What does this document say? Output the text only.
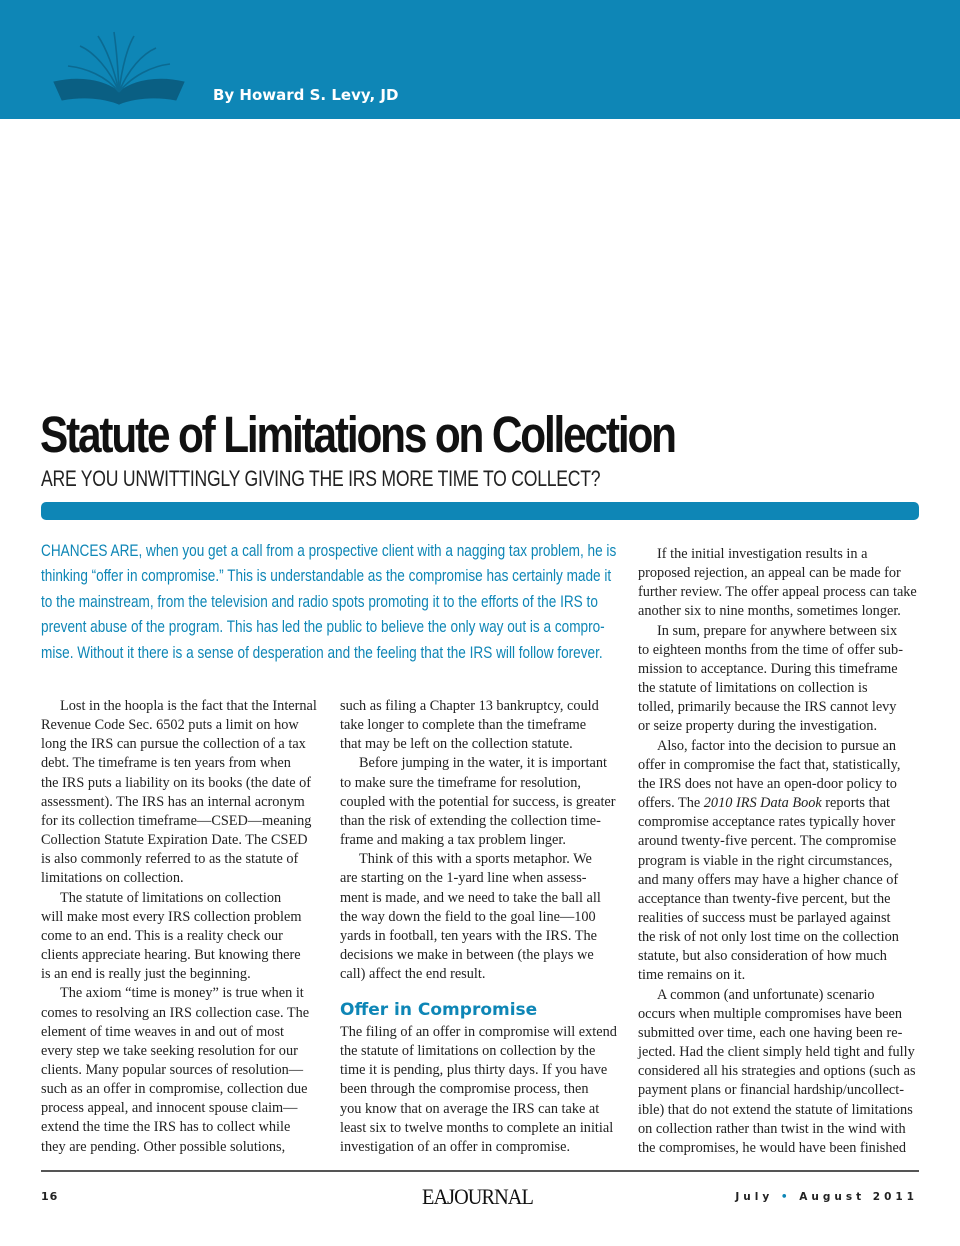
By Howard S. Levy, JD
Statute of Limitations on Collection
ARE YOU UNWITTINGLY GIVING THE IRS MORE TIME TO COLLECT?
CHANCES ARE, when you get a call from a prospective client with a nagging tax problem, he is
thinking “offer in compromise.” This is understandable as the compromise has certainly made it
to the mainstream, from the television and radio spots promoting it to the efforts of the IRS to
prevent abuse of the program. This has led the public to believe the only way out is a compro-
mise. Without it there is a sense of desperation and the feeling that the IRS will follow forever.
Lost in the hoopla is the fact that the Internal
Revenue Code Sec. 6502 puts a limit on how
long the IRS can pursue the collection of a tax
debt. The timeframe is ten years from when
the IRS puts a liability on its books (the date of
assessment). The IRS has an internal acronym
for its collection timeframe—CSED—meaning
Collection Statute Expiration Date. The CSED
is also commonly referred to as the statute of
limitations on collection.
The statute of limitations on collection
will make most every IRS collection problem
come to an end. This is a reality check our
clients appreciate hearing. But knowing there
is an end is really just the beginning.
The axiom “time is money” is true when it
comes to resolving an IRS collection case. The
element of time weaves in and out of most
every step we take seeking resolution for our
clients. Many popular sources of resolution—
such as an offer in compromise, collection due
process appeal, and innocent spouse claim—
extend the time the IRS has to collect while
they are pending. Other possible solutions,
such as filing a Chapter 13 bankruptcy, could
take longer to complete than the timeframe
that may be left on the collection statute.
Before jumping in the water, it is important
to make sure the timeframe for resolution,
coupled with the potential for success, is greater
than the risk of extending the collection time-
frame and making a tax problem linger.
Think of this with a sports metaphor. We
are starting on the 1-yard line when assess-
ment is made, and we need to take the ball all
the way down the field to the goal line—100
yards in football, ten years with the IRS. The
decisions we make in between (the plays we
call) affect the end result.
Offer in Compromise
The filing of an offer in compromise will extend
the statute of limitations on collection by the
time it is pending, plus thirty days. If you have
been through the compromise process, then
you know that on average the IRS can take at
least six to twelve months to complete an initial
investigation of an offer in compromise.
If the initial investigation results in a
proposed rejection, an appeal can be made for
further review. The offer appeal process can take
another six to nine months, sometimes longer.
In sum, prepare for anywhere between six
to eighteen months from the time of offer sub-
mission to acceptance. During this timeframe
the statute of limitations on collection is
tolled, primarily because the IRS cannot levy
or seize property during the investigation.
Also, factor into the decision to pursue an
offer in compromise the fact that, statistically,
the IRS does not have an open-door policy to
offers. The 2010 IRS Data Book reports that
compromise acceptance rates typically hover
around twenty-five percent. The compromise
program is viable in the right circumstances,
and many offers may have a higher chance of
acceptance than twenty-five percent, but the
realities of success must be parlayed against
the risk of not only lost time on the collection
statute, but also consideration of how much
time remains on it.
A common (and unfortunate) scenario
occurs when multiple compromises have been
submitted over time, each one having been re-
jected. Had the client simply held tight and fully
considered all his strategies and options (such as
payment plans or financial hardship/uncollect-
ible) that do not extend the statute of limitations
on collection rather than twist in the wind with
the compromises, he would have been finished
16	EAJOURNAL	July • August 2011
